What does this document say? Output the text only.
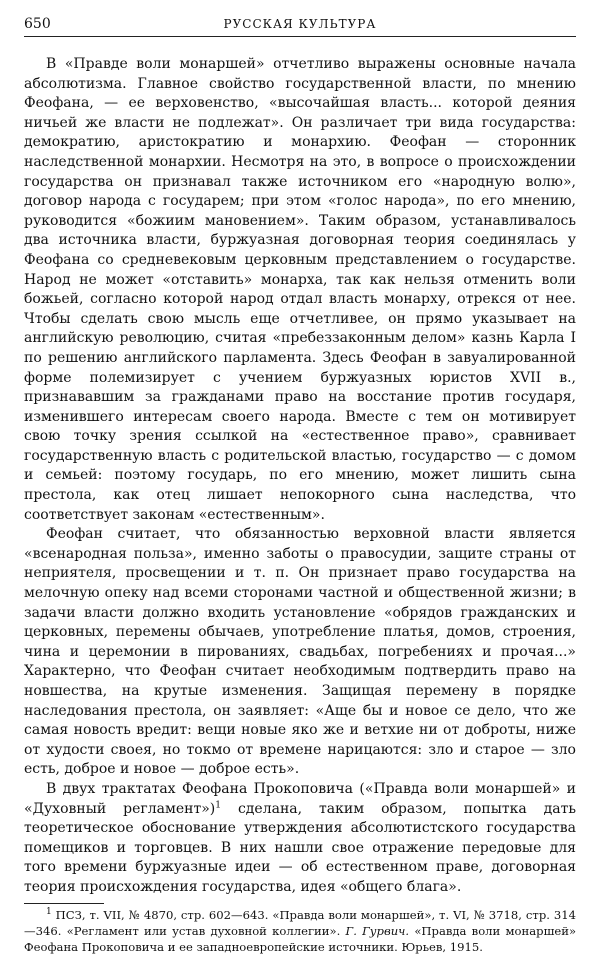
650	РУССКАЯ КУЛЬТУРА

В «Правде воли монаршей» отчетливо выражены основные начала абсолютизма. Главное свойство государственной власти, по мнению Феофана, — ее верховенство, «высочайшая власть... которой деяния ничьей же власти не подлежат». Он различает три вида государства: демократию, аристократию и монархию. Феофан — сторонник наследственной монархии. Несмотря на это, в вопросе о происхождении государства он признавал также источником его «народную волю», договор народа с государем; при этом «голос народа», по его мнению, руководится «божиим мановением». Таким образом, устанавливалось два источника власти, буржуазная договорная теория соединялась у Феофана со средневековым церковным представлением о государстве. Народ не может «отставить» монарха, так как нельзя отменить воли божьей, согласно которой народ отдал власть монарху, отрекся от нее. Чтобы сделать свою мысль еще отчетливее, он прямо указывает на английскую революцию, считая «пребеззаконным делом» казнь Карла I по решению английского парламента. Здесь Феофан в завуалированной форме полемизирует с учением буржуазных юристов XVII в., признававшим за гражданами право на восстание против государя, изменившего интересам своего народа. Вместе с тем он мотивирует свою точку зрения ссылкой на «естественное право», сравнивает государственную власть с родительской властью, государство — с домом и семьей: поэтому государь, по его мнению, может лишить сына престола, как отец лишает непокорного сына наследства, что соответствует законам «естественным».

Феофан считает, что обязанностью верховной власти является «всенародная польза», именно заботы о правосудии, защите страны от неприятеля, просвещении и т. п. Он признает право государства на мелочную опеку над всеми сторонами частной и общественной жизни; в задачи власти должно входить установление «обрядов гражданских и церковных, перемены обычаев, употребление платья, домов, строения, чина и церемонии в пированиях, свадьбах, погребениях и прочая...» Характерно, что Феофан считает необходимым подтвердить право на новшества, на крутые изменения. Защищая перемену в порядке наследования престола, он заявляет: «Аще бы и новое се дело, что же самая новость вредит: вещи новые яко же и ветхие ни от доброты, ниже от худости своея, но токмо от времене нарицаются: зло и старое — зло есть, доброе и новое — доброе есть».

В двух трактатах Феофана Прокоповича («Правда воли монаршей» и «Духовный регламент»)$^1$ сделана, таким образом, попытка дать теоретическое обоснование утверждения абсолютистского государства помещиков и торговцев. В них нашли свое отражение передовые для того времени буржуазные идеи — об естественном праве, договорная теория происхождения государства, идея «общего блага».

$^1$ ПСЗ, т. VII, № 4870, стр. 602—643. «Правда воли монаршей», т. VI, № 3718, стр. 314—346. «Регламент или устав духовной коллегии». Г. Гурвич. «Правда воли монаршей» Феофана Прокоповича и ее западноевропейские источники. Юрьев, 1915.
